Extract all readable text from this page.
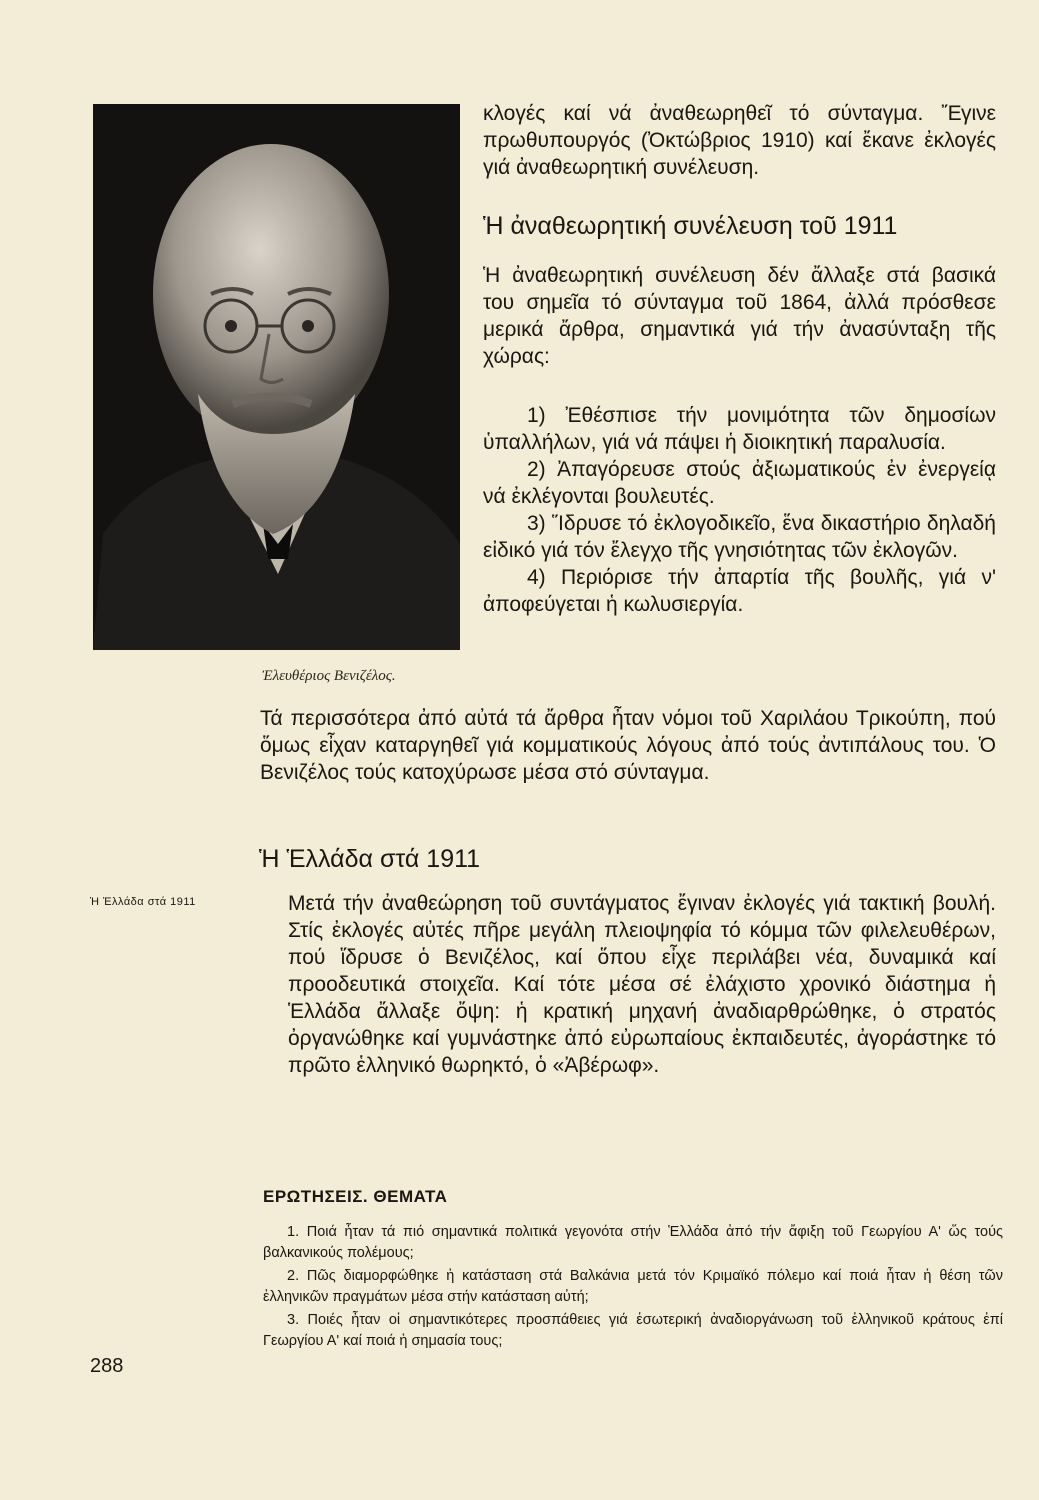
Ἐλευθέριος Βενιζέλος.
κλογές καί νά ἀναθεωρηθεῖ τό σύνταγμα. Ἔγινε πρωθυπουργός (Ὀκτώβριος 1910) καί ἔκανε ἐκλογές γιά ἀναθεωρητική συνέλευση.
Ἡ ἀναθεωρητική συνέλευση τοῦ 1911
Ἡ ἀναθεωρητική συνέλευση δέν ἄλλαξε στά βασικά του σημεῖα τό σύνταγμα τοῦ 1864, ἀλλά πρόσθεσε μερικά ἄρθρα, σημαντικά γιά τήν ἀνασύνταξη τῆς χώρας:

1) Ἐθέσπισε τήν μονιμότητα τῶν δημοσίων ὑπαλλήλων, γιά νά πάψει ἡ διοικητική παραλυσία.

2) Ἀπαγόρευσε στούς ἀξιωματικούς ἐν ἐνεργείᾳ νά ἐκλέγονται βουλευτές.

3) Ἵδρυσε τό ἐκλογοδικεῖο, ἕνα δικαστήριο δηλαδή εἰδικό γιά τόν ἔλεγχο τῆς γνησιότητας τῶν ἐκλογῶν.

4) Περιόρισε τήν ἀπαρτία τῆς βουλῆς, γιά ν' ἀποφεύγεται ἡ κωλυσιεργία.

Τά περισσότερα ἀπό αὐτά τά ἄρθρα ἦταν νόμοι τοῦ Χαριλάου Τρικούπη, πού ὅμως εἶχαν καταργηθεῖ γιά κομματικούς λόγους ἀπό τούς ἀντιπάλους του. Ὁ Βενιζέλος τούς κατοχύρωσε μέσα στό σύνταγμα.
Ἡ Ἑλλάδα στά 1911
Ἡ Ἑλλάδα στά 1911	Μετά τήν ἀναθεώρηση τοῦ συντάγματος ἔγιναν ἐκλογές γιά τακτική βουλή. Στίς ἐκλογές αὐτές πῆρε μεγάλη πλειοψηφία τό κόμμα τῶν φιλελευθέρων, πού ἵδρυσε ὁ Βενιζέλος, καί ὅπου εἶχε περιλάβει νέα, δυναμικά καί προοδευτικά στοιχεῖα. Καί τότε μέσα σέ ἐλάχιστο χρονικό διάστημα ἡ Ἑλλάδα ἄλλαξε ὄψη: ἡ κρατική μηχανή ἀναδιαρθρώθηκε, ὁ στρατός ὀργανώθηκε καί γυμνάστηκε ἀπό εὐρωπαίους ἐκπαιδευτές, ἀγοράστηκε τό πρῶτο ἑλληνικό θωρηκτό, ὁ «Ἀβέρωφ».
ΕΡΩΤΗΣΕΙΣ. ΘΕΜΑΤΑ

1. Ποιά ἦταν τά πιό σημαντικά πολιτικά γεγονότα στήν Ἑλλάδα ἀπό τήν ἄφιξη τοῦ Γεωργίου Α' ὥς τούς βαλκανικούς πολέμους;

2. Πῶς διαμορφώθηκε ἡ κατάσταση στά Βαλκάνια μετά τόν Κριμαϊκό πόλεμο καί ποιά ἦταν ἡ θέση τῶν ἑλληνικῶν πραγμάτων μέσα στήν κατάσταση αὐτή;

3. Ποιές ἦταν οἱ σημαντικότερες προσπάθειες γιά ἐσωτερική ἀναδιοργάνωση τοῦ ἑλληνικοῦ κράτους ἐπί Γεωργίου Α' καί ποιά ἡ σημασία τους;

288
